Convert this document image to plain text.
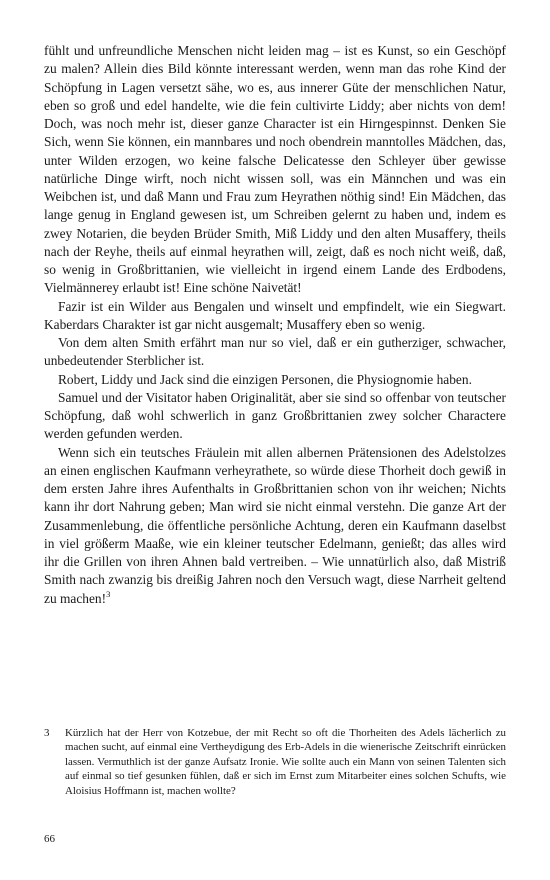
fühlt und unfreundliche Menschen nicht leiden mag – ist es Kunst, so ein Geschöpf zu malen? Allein dies Bild könnte interessant werden, wenn man das rohe Kind der Schöpfung in Lagen versetzt sähe, wo es, aus innerer Güte der menschlichen Natur, eben so groß und edel handelte, wie die fein cultivirte Liddy; aber nichts von dem! Doch, was noch mehr ist, dieser ganze Character ist ein Hirngespinnst. Denken Sie Sich, wenn Sie können, ein mannbares und noch obendrein manntolles Mädchen, das, unter Wilden erzogen, wo keine falsche Delicatesse den Schleyer über gewisse natürliche Dinge wirft, noch nicht wissen soll, was ein Männchen und was ein Weibchen ist, und daß Mann und Frau zum Heyrathen nöthig sind! Ein Mädchen, das lange genug in England gewesen ist, um Schreiben gelernt zu haben und, indem es zwey Notarien, die beyden Brüder Smith, Miß Liddy und den alten Musaffery, theils nach der Reyhe, theils auf einmal heyrathen will, zeigt, daß es noch nicht weiß, daß, so wenig in Großbrittanien, wie vielleicht in irgend einem Lande des Erdbodens, Vielmännerey erlaubt ist! Eine schöne Naivetät!

Fazir ist ein Wilder aus Bengalen und winselt und empfindelt, wie ein Siegwart. Kaberdars Charakter ist gar nicht ausgemalt; Musaffery eben so wenig.

Von dem alten Smith erfährt man nur so viel, daß er ein gutherziger, schwacher, unbedeutender Sterblicher ist.

Robert, Liddy und Jack sind die einzigen Personen, die Physiognomie haben.

Samuel und der Visitator haben Originalität, aber sie sind so offenbar von teutscher Schöpfung, daß wohl schwerlich in ganz Großbrittanien zwey solcher Charactere werden gefunden werden.

Wenn sich ein teutsches Fräulein mit allen albernen Prätensionen des Adelstolzes an einen englischen Kaufmann verheyrathete, so würde diese Thorheit doch gewiß in dem ersten Jahre ihres Aufenthalts in Großbrittanien schon von ihr weichen; Nichts kann ihr dort Nahrung geben; Man wird sie nicht einmal verstehn. Die ganze Art der Zusammenlebung, die öffentliche persönliche Achtung, deren ein Kaufmann daselbst in viel größerm Maaße, wie ein kleiner teutscher Edelmann, genießt; das alles wird ihr die Grillen von ihren Ahnen bald vertreiben. – Wie unnatürlich also, daß Mistriß Smith nach zwanzig bis dreißig Jahren noch den Versuch wagt, diese Narrheit geltend zu machen!$^3$

3 Kürzlich hat der Herr von Kotzebue, der mit Recht so oft die Thorheiten des Adels lächerlich zu machen sucht, auf einmal eine Vertheydigung des Erb-Adels in die wienerische Zeitschrift einrücken lassen. Vermuthlich ist der ganze Aufsatz Ironie. Wie sollte auch ein Mann von seinen Talenten sich auf einmal so tief gesunken fühlen, daß er sich im Ernst zum Mitarbeiter eines solchen Schufts, wie Aloisius Hoffmann ist, machen wollte?
66
